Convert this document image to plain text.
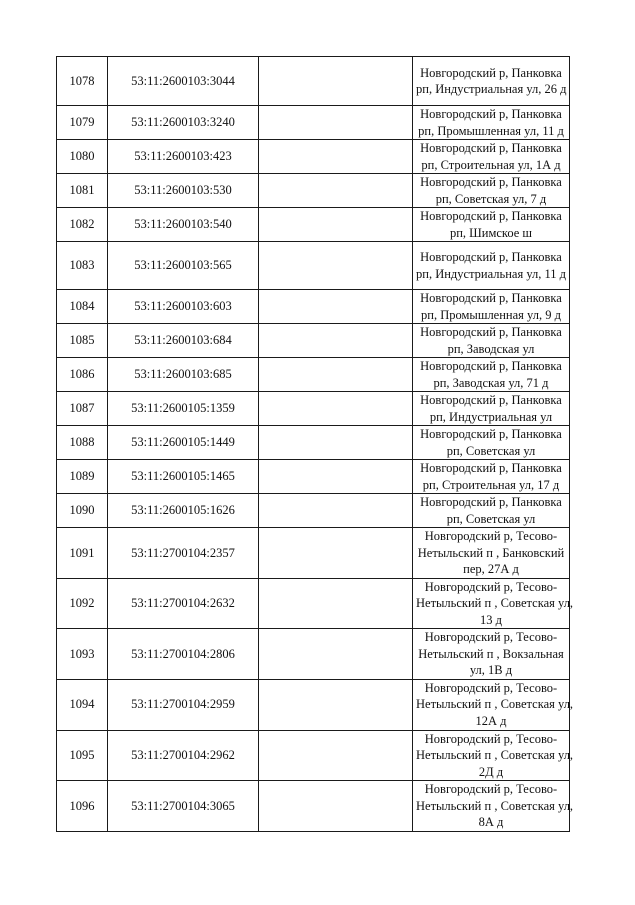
1078	53:11:2600103:3044		Новгородский р, Панковка
рп, Индустриальная ул, 26 д

1079	53:11:2600103:3240		Новгородский р, Панковка
рп, Промышленная ул, 11 д

1080	53:11:2600103:423		Новгородский р, Панковка
рп, Строительная ул, 1А д

1081	53:11:2600103:530		Новгородский р, Панковка
рп, Советская ул, 7 д

1082	53:11:2600103:540		Новгородский р, Панковка
рп, Шимское ш

1083	53:11:2600103:565		Новгородский р, Панковка
рп, Индустриальная ул, 11 д

1084	53:11:2600103:603		Новгородский р, Панковка
рп, Промышленная ул, 9 д

1085	53:11:2600103:684		Новгородский р, Панковка
рп, Заводская ул

1086	53:11:2600103:685		Новгородский р, Панковка
рп, Заводская ул, 71 д

1087	53:11:2600105:1359		Новгородский р, Панковка
рп, Индустриальная ул

1088	53:11:2600105:1449		Новгородский р, Панковка
рп, Советская ул

1089	53:11:2600105:1465		Новгородский р, Панковка
рп, Строительная ул, 17 д

1090	53:11:2600105:1626		Новгородский р, Панковка
рп, Советская ул

1091	53:11:2700104:2357		Новгородский р, Тесово-
Нетыльский п , Банковский
пер, 27А д

1092	53:11:2700104:2632		Новгородский р, Тесово-
Нетыльский п , Советская ул,
13 д

1093	53:11:2700104:2806		Новгородский р, Тесово-
Нетыльский п , Вокзальная
ул, 1В д

1094	53:11:2700104:2959		Новгородский р, Тесово-
Нетыльский п , Советская ул,
12А д

1095	53:11:2700104:2962		Новгородский р, Тесово-
Нетыльский п , Советская ул,
2Д д

1096	53:11:2700104:3065		Новгородский р, Тесово-
Нетыльский п , Советская ул,
8А д
